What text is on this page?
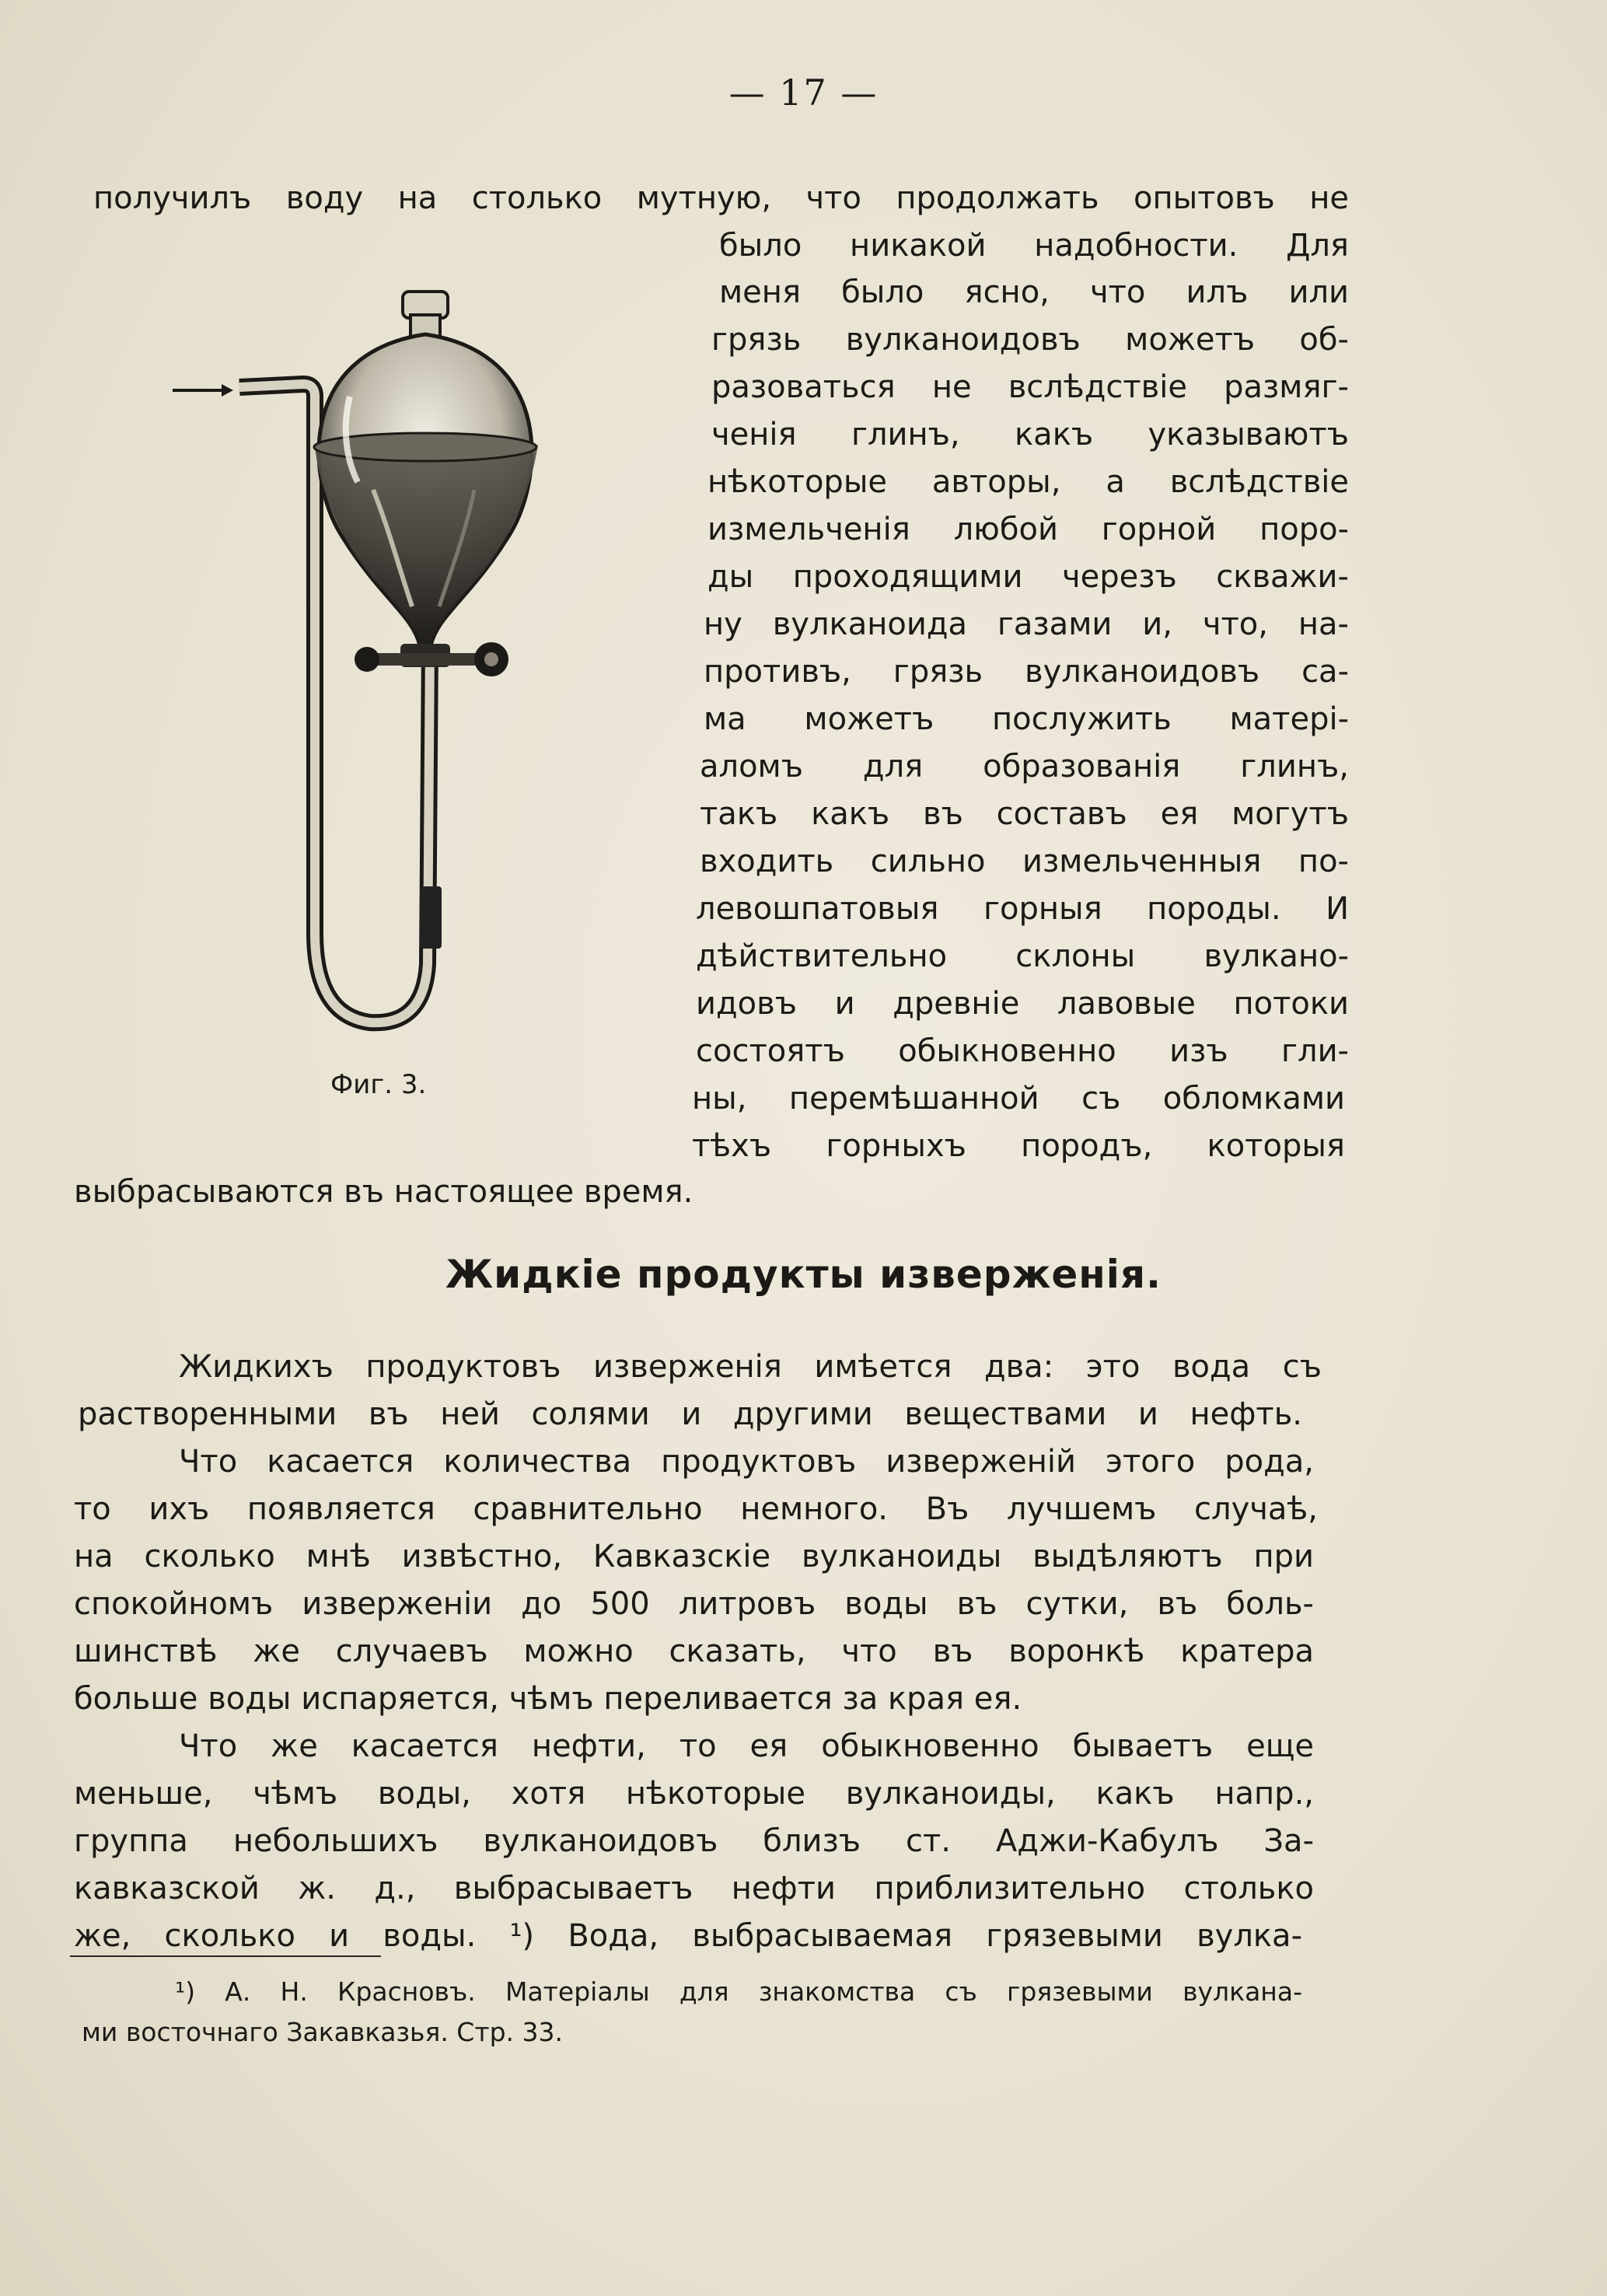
— 17 —
получилъ воду на столько мутную, что продолжать опытовъ не
было никакой надобности. Для
меня было ясно, что илъ или
грязь вулканоидовъ можетъ об-
разоваться не вслѣдствiе размяг-
ченiя глинъ, какъ указываютъ
нѣкоторые авторы, а вслѣдствiе
измельченiя любой горной поро-
ды проходящими черезъ скважи-
ну вулканоида газами и, что, на-
противъ, грязь вулканоидовъ са-
ма можетъ послужить матерi-
аломъ для образованiя глинъ,
такъ какъ въ составъ ея могутъ
входить сильно измельченныя по-
левошпатовыя горныя породы. И
дѣйствительно склоны вулкано-
идовъ и древнiе лавовые потоки
состоятъ обыкновенно изъ гли-
ны, перемѣшанной съ обломками
тѣхъ горныхъ породъ, которыя
выбрасываются въ настоящее время.
Фиг. 3.
Жидкiе продукты изверженiя.
Жидкихъ продуктовъ изверженiя имѣется два: это вода съ
растворенными въ ней солями и другими веществами и нефть.
Что касается количества продуктовъ изверженiй этого рода,
то ихъ появляется сравнительно немного. Въ лучшемъ случаѣ,
на сколько мнѣ извѣстно, Кавказскiе вулканоиды выдѣляютъ при
спокойномъ изверженiи до 500 литровъ воды въ сутки, въ боль-
шинствѣ же случаевъ можно сказать, что въ воронкѣ кратера
больше воды испаряется, чѣмъ переливается за края ея.
Что же касается нефти, то ея обыкновенно бываетъ еще
меньше, чѣмъ воды, хотя нѣкоторые вулканоиды, какъ напр.,
группа небольшихъ вулканоидовъ близъ ст. Аджи-Кабулъ За-
кавказской ж. д., выбрасываетъ нефти приблизительно столько
же, сколько и воды. ¹) Вода, выбрасываемая грязевыми вулка-
¹) А. Н. Красновъ. Матерiалы для знакомства съ грязевыми вулкана-
ми восточнаго Закавказья. Стр. 33.
